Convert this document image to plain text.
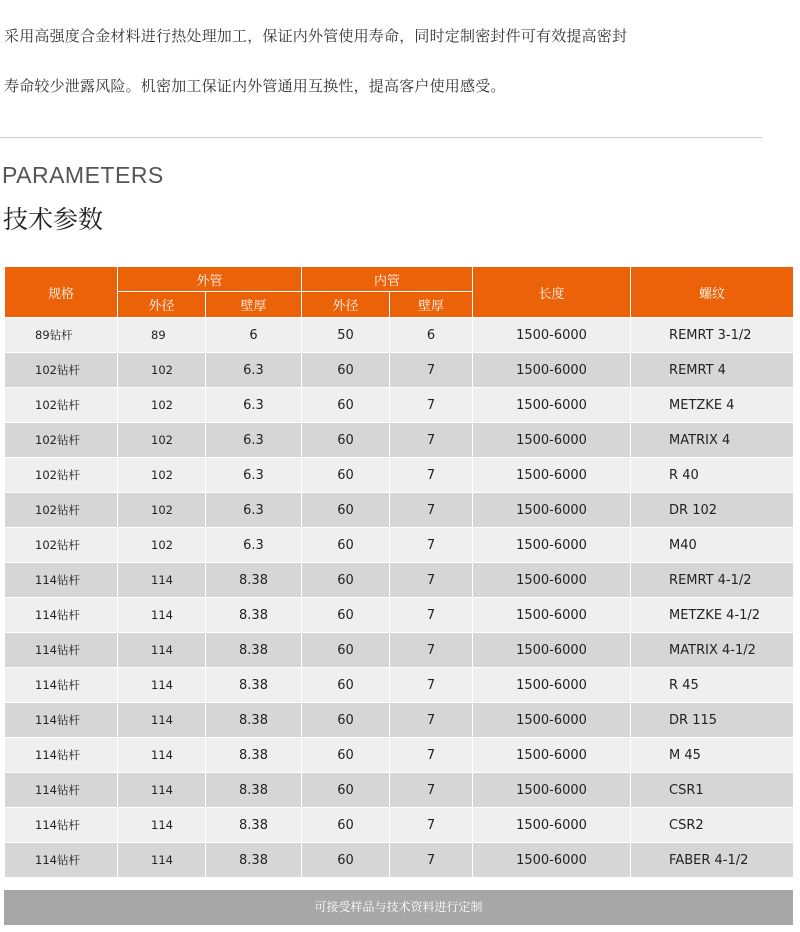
采用高强度合金材料进行热处理加工，保证内外管使用寿命，同时定制密封件可有效提高密封

寿命较少泄露风险。机密加工保证内外管通用互换性，提高客户使用感受。

PARAMETERS
技术参数
规格	外管		内管		长度	螺纹
	外径	壁厚	外径	壁厚		
89钻杆	89	6	50	6	1500-6000	REMRT 3-1/2
102钻杆	102	6.3	60	7	1500-6000	REMRT 4
102钻杆	102	6.3	60	7	1500-6000	METZKE 4
102钻杆	102	6.3	60	7	1500-6000	MATRIX 4
102钻杆	102	6.3	60	7	1500-6000	R 40
102钻杆	102	6.3	60	7	1500-6000	DR 102
102钻杆	102	6.3	60	7	1500-6000	M40
114钻杆	114	8.38	60	7	1500-6000	REMRT 4-1/2
114钻杆	114	8.38	60	7	1500-6000	METZKE 4-1/2
114钻杆	114	8.38	60	7	1500-6000	MATRIX 4-1/2
114钻杆	114	8.38	60	7	1500-6000	R 45
114钻杆	114	8.38	60	7	1500-6000	DR 115
114钻杆	114	8.38	60	7	1500-6000	M 45
114钻杆	114	8.38	60	7	1500-6000	CSR1
114钻杆	114	8.38	60	7	1500-6000	CSR2
114钻杆	114	8.38	60	7	1500-6000	FABER 4-1/2
可接受样品与技术资料进行定制
